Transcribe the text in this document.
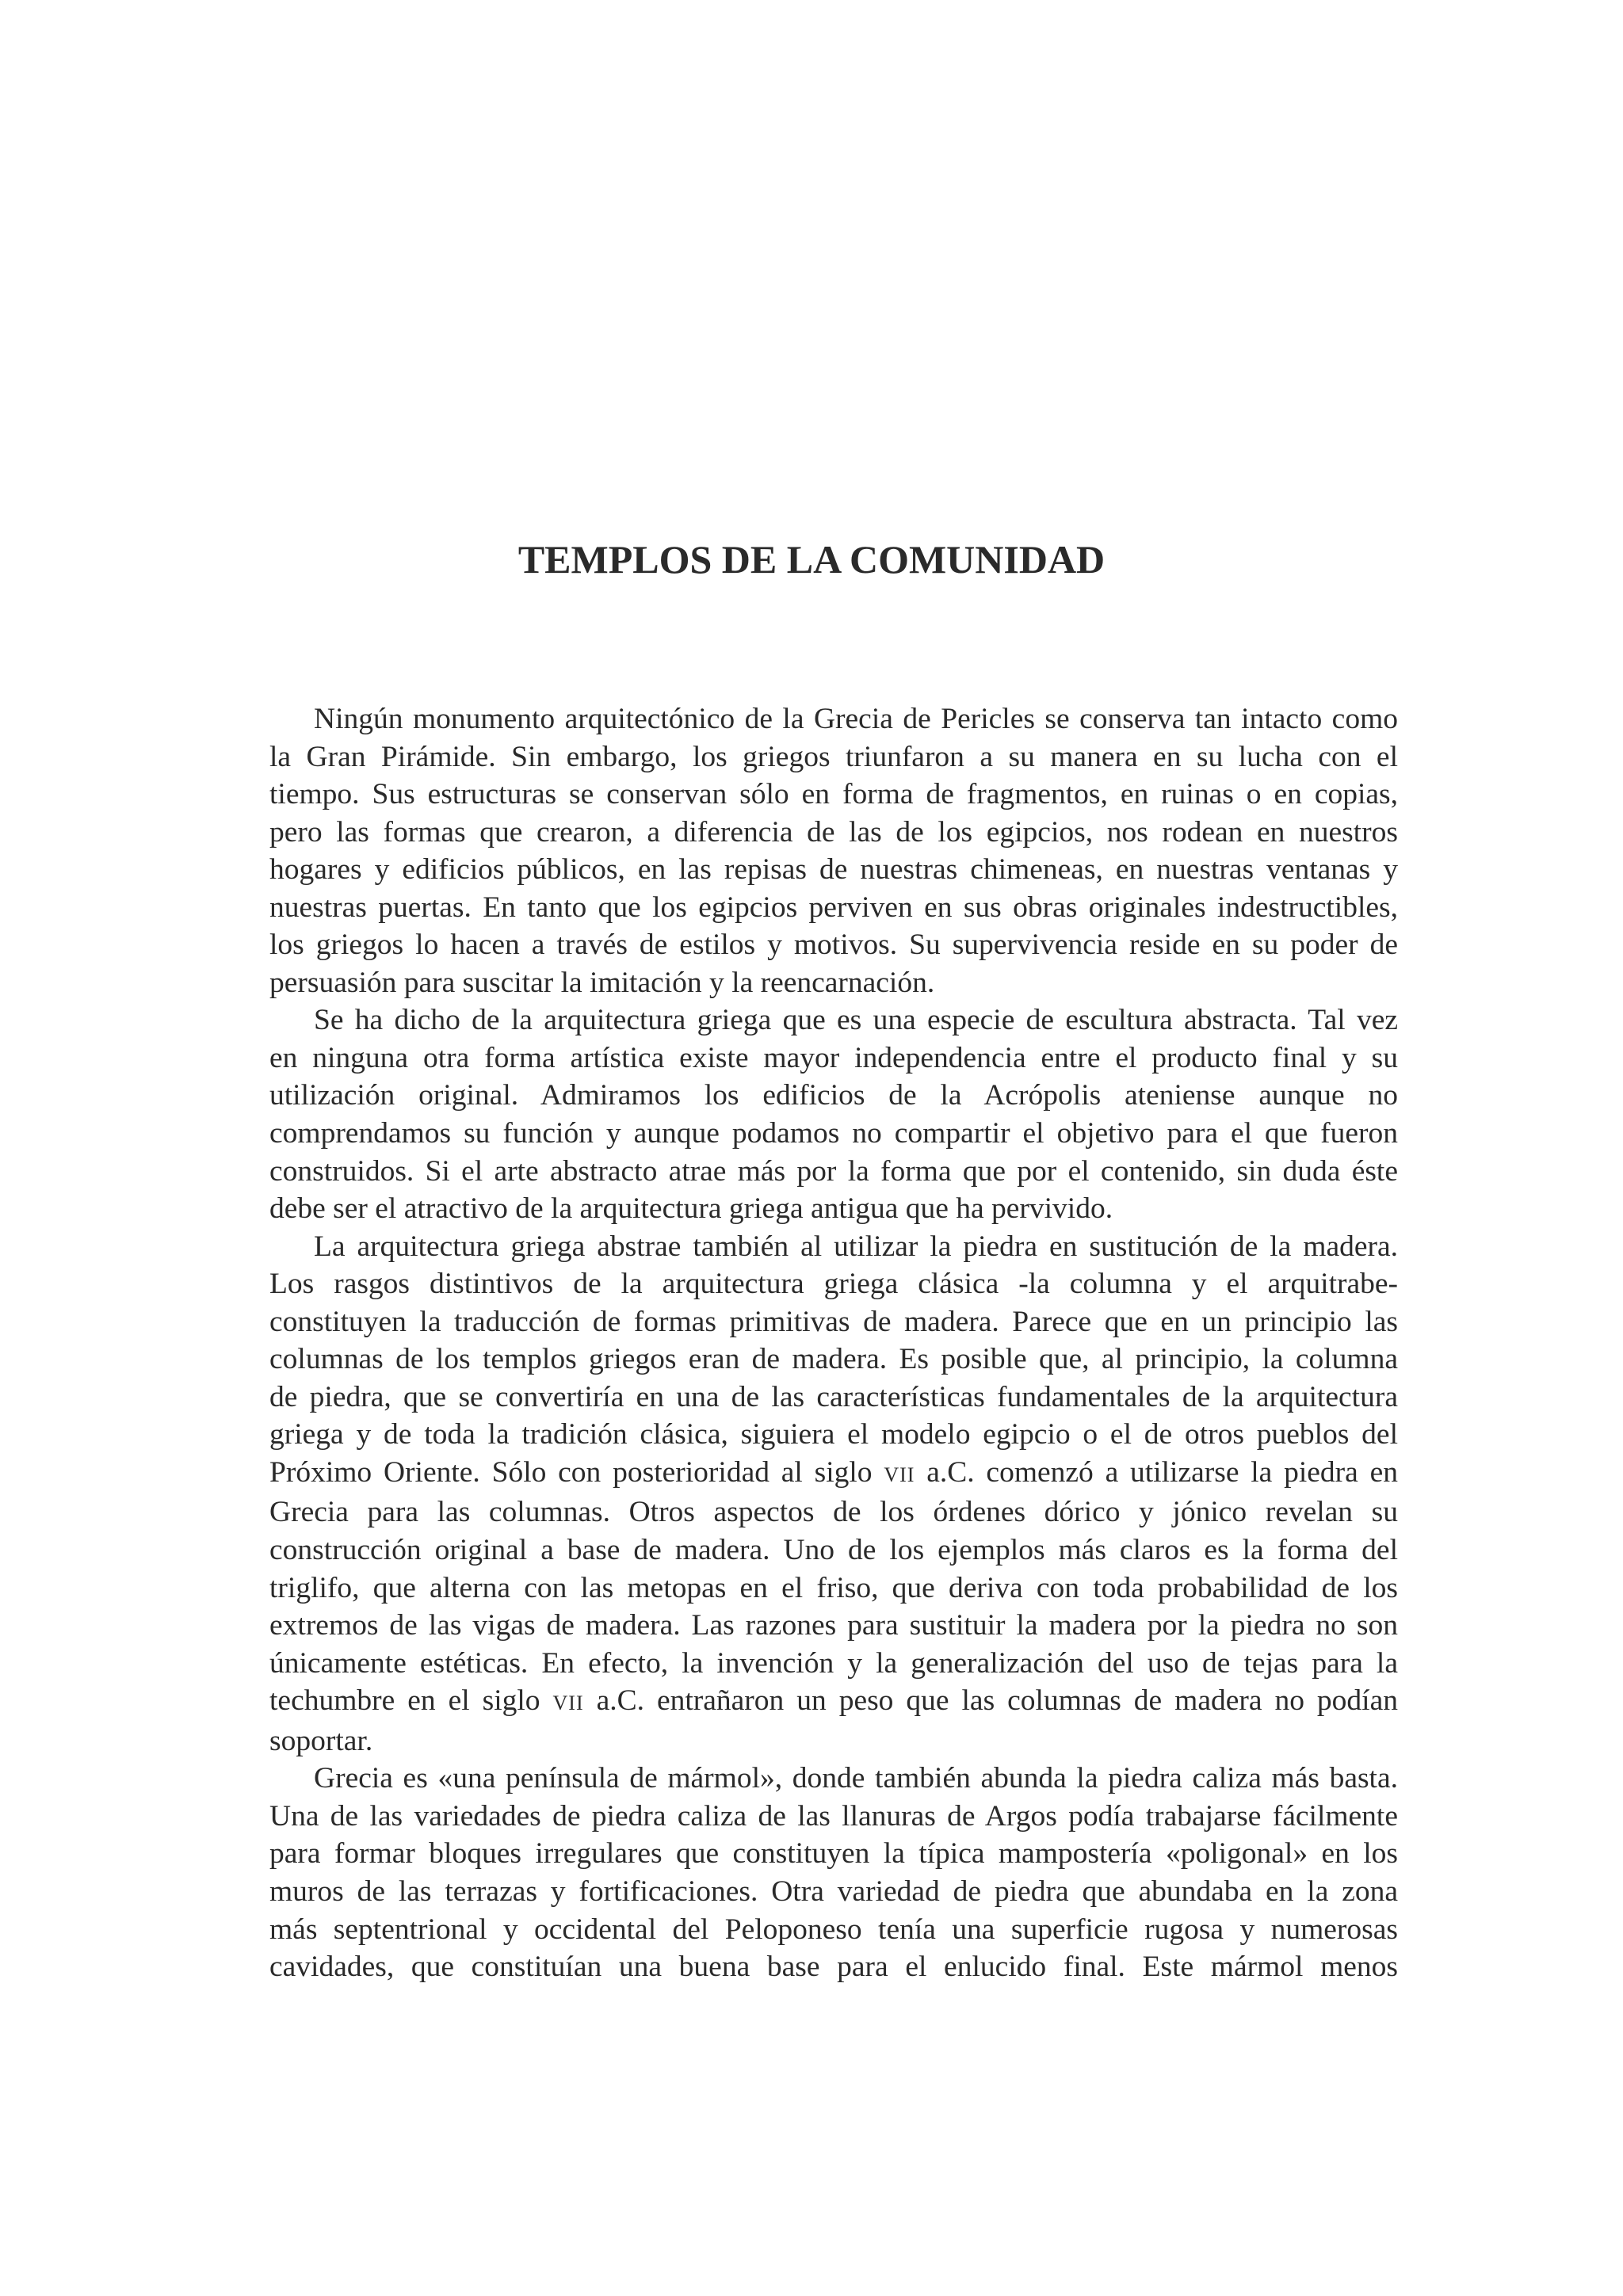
TEMPLOS DE LA COMUNIDAD
Ningún monumento arquitectónico de la Grecia de Pericles se conserva tan intacto como
la Gran Pirámide. Sin embargo, los griegos triunfaron a su manera en su lucha con el
tiempo. Sus estructuras se conservan sólo en forma de fragmentos, en ruinas o en copias,
pero las formas que crearon, a diferencia de las de los egipcios, nos rodean en nuestros
hogares y edificios públicos, en las repisas de nuestras chimeneas, en nuestras ventanas y
nuestras puertas. En tanto que los egipcios perviven en sus obras originales indestructibles,
los griegos lo hacen a través de estilos y motivos. Su supervivencia reside en su poder de
persuasión para suscitar la imitación y la reencarnación.
Se ha dicho de la arquitectura griega que es una especie de escultura abstracta. Tal vez
en ninguna otra forma artística existe mayor independencia entre el producto final y su
utilización original. Admiramos los edificios de la Acrópolis ateniense aunque no
comprendamos su función y aunque podamos no compartir el objetivo para el que fueron
construidos. Si el arte abstracto atrae más por la forma que por el contenido, sin duda éste
debe ser el atractivo de la arquitectura griega antigua que ha pervivido.
La arquitectura griega abstrae también al utilizar la piedra en sustitución de la madera.
Los rasgos distintivos de la arquitectura griega clásica -la columna y el arquitrabe-
constituyen la traducción de formas primitivas de madera. Parece que en un principio las
columnas de los templos griegos eran de madera. Es posible que, al principio, la columna
de piedra, que se convertiría en una de las características fundamentales de la arquitectura
griega y de toda la tradición clásica, siguiera el modelo egipcio o el de otros pueblos del
Próximo Oriente. Sólo con posterioridad al siglo VII a.C. comenzó a utilizarse la piedra en
Grecia para las columnas. Otros aspectos de los órdenes dórico y jónico revelan su
construcción original a base de madera. Uno de los ejemplos más claros es la forma del
triglifo, que alterna con las metopas en el friso, que deriva con toda probabilidad de los
extremos de las vigas de madera. Las razones para sustituir la madera por la piedra no son
únicamente estéticas. En efecto, la invención y la generalización del uso de tejas para la
techumbre en el siglo VII a.C. entrañaron un peso que las columnas de madera no podían
soportar.
Grecia es «una península de mármol», donde también abunda la piedra caliza más basta.
Una de las variedades de piedra caliza de las llanuras de Argos podía trabajarse fácilmente
para formar bloques irregulares que constituyen la típica mampostería «poligonal» en los
muros de las terrazas y fortificaciones. Otra variedad de piedra que abundaba en la zona
más septentrional y occidental del Peloponeso tenía una superficie rugosa y numerosas
cavidades, que constituían una buena base para el enlucido final. Este mármol menos
